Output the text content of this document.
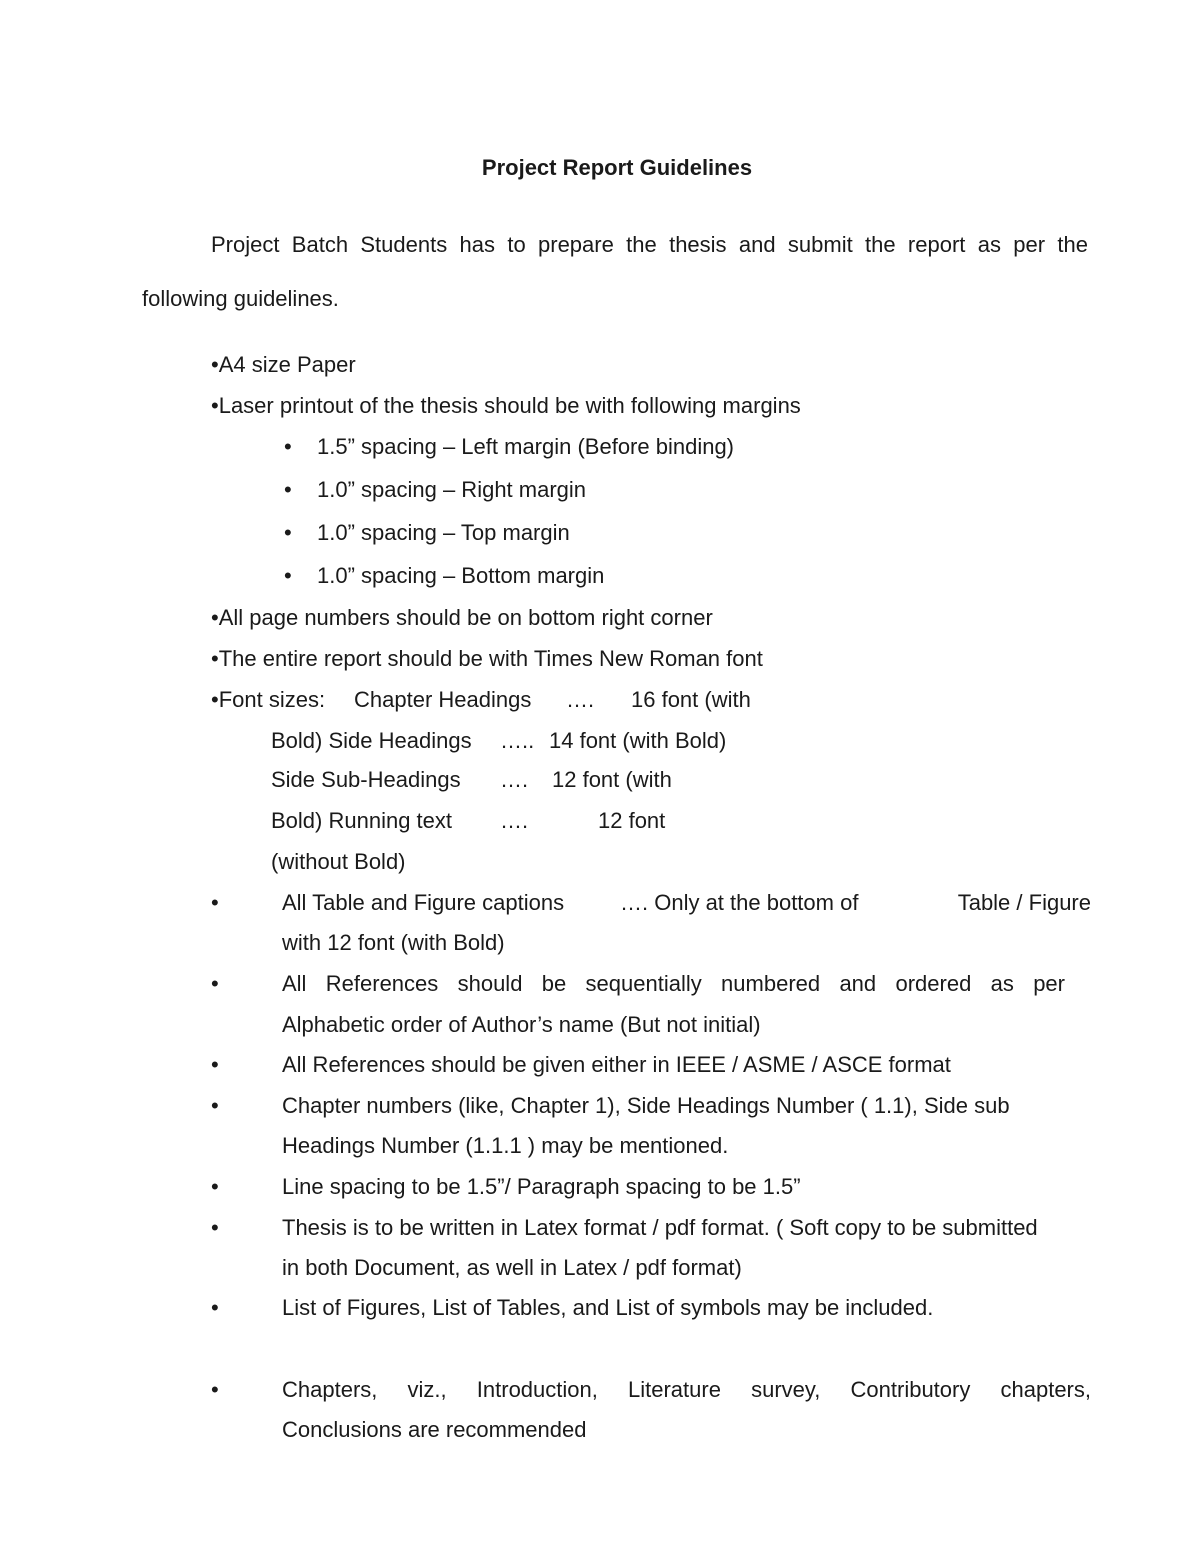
Project Report Guidelines
Project Batch Students has to prepare the thesis and submit the report as per the
following guidelines.
•A4 size Paper
•Laser printout of the thesis should be with following margins
• 1.5” spacing – Left margin (Before binding)
• 1.0” spacing – Right margin
• 1.0” spacing – Top margin
• 1.0” spacing – Bottom margin
•All page numbers should be on bottom right corner
•The entire report should be with Times New Roman font
•Font sizes: Chapter Headings …. 16 font (with
Bold) Side Headings ….. 14 font (with Bold)
Side Sub-Headings …. 12 font (with
Bold) Running text ….	12 font
(without Bold)
•	All Table and Figure captions	…. Only at the bottom of	Table / Figure
with 12 font (with Bold)
•	All References should be sequentially numbered and ordered as per
Alphabetic order of Author’s name (But not initial)
•	All References should be given either in IEEE / ASME / ASCE format
•	Chapter numbers (like, Chapter 1), Side Headings Number ( 1.1), Side sub
Headings Number (1.1.1 ) may be mentioned.
•	Line spacing to be 1.5”/ Paragraph spacing to be 1.5”
•	Thesis is to be written in Latex format / pdf format. ( Soft copy to be submitted
in both Document, as well in Latex / pdf format)
•	List of Figures, List of Tables, and List of symbols may be included.
•	Chapters, viz., Introduction, Literature survey, Contributory chapters,
Conclusions are recommended
